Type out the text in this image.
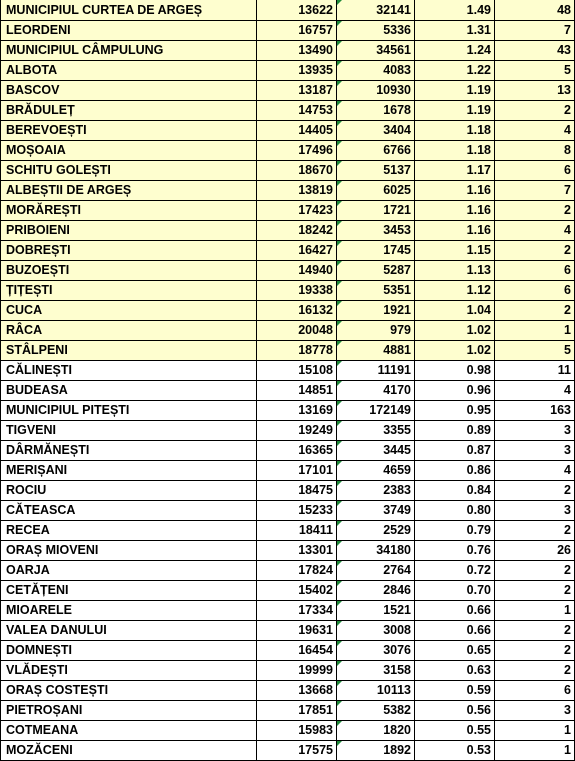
MUNICIPIUL CURTEA DE ARGEȘ	13622	32141	1.49	48
LEORDENI	16757	5336	1.31	7
MUNICIPIUL CÂMPULUNG	13490	34561	1.24	43
ALBOTA	13935	4083	1.22	5
BASCOV	13187	10930	1.19	13
BRĂDULEȚ	14753	1678	1.19	2
BEREVOEȘTI	14405	3404	1.18	4
MOȘOAIA	17496	6766	1.18	8
SCHITU GOLEȘTI	18670	5137	1.17	6
ALBEȘTII DE ARGEȘ	13819	6025	1.16	7
MORĂREȘTI	17423	1721	1.16	2
PRIBOIENI	18242	3453	1.16	4
DOBREȘTI	16427	1745	1.15	2
BUZOEȘTI	14940	5287	1.13	6
ȚIȚEȘTI	19338	5351	1.12	6
CUCA	16132	1921	1.04	2
RÂCA	20048	979	1.02	1
STÂLPENI	18778	4881	1.02	5
CĂLINEȘTI	15108	11191	0.98	11
BUDEASA	14851	4170	0.96	4
MUNICIPIUL PITEȘTI	13169	172149	0.95	163
TIGVENI	19249	3355	0.89	3
DÂRMĂNEȘTI	16365	3445	0.87	3
MERIȘANI	17101	4659	0.86	4
ROCIU	18475	2383	0.84	2
CĂTEASCA	15233	3749	0.80	3
RECEA	18411	2529	0.79	2
ORAȘ MIOVENI	13301	34180	0.76	26
OARJA	17824	2764	0.72	2
CETĂȚENI	15402	2846	0.70	2
MIOARELE	17334	1521	0.66	1
VALEA DANULUI	19631	3008	0.66	2
DOMNEȘTI	16454	3076	0.65	2
VLĂDEȘTI	19999	3158	0.63	2
ORAȘ COSTEȘTI	13668	10113	0.59	6
PIETROȘANI	17851	5382	0.56	3
COTMEANA	15983	1820	0.55	1
MOZĂCENI	17575	1892	0.53	1
